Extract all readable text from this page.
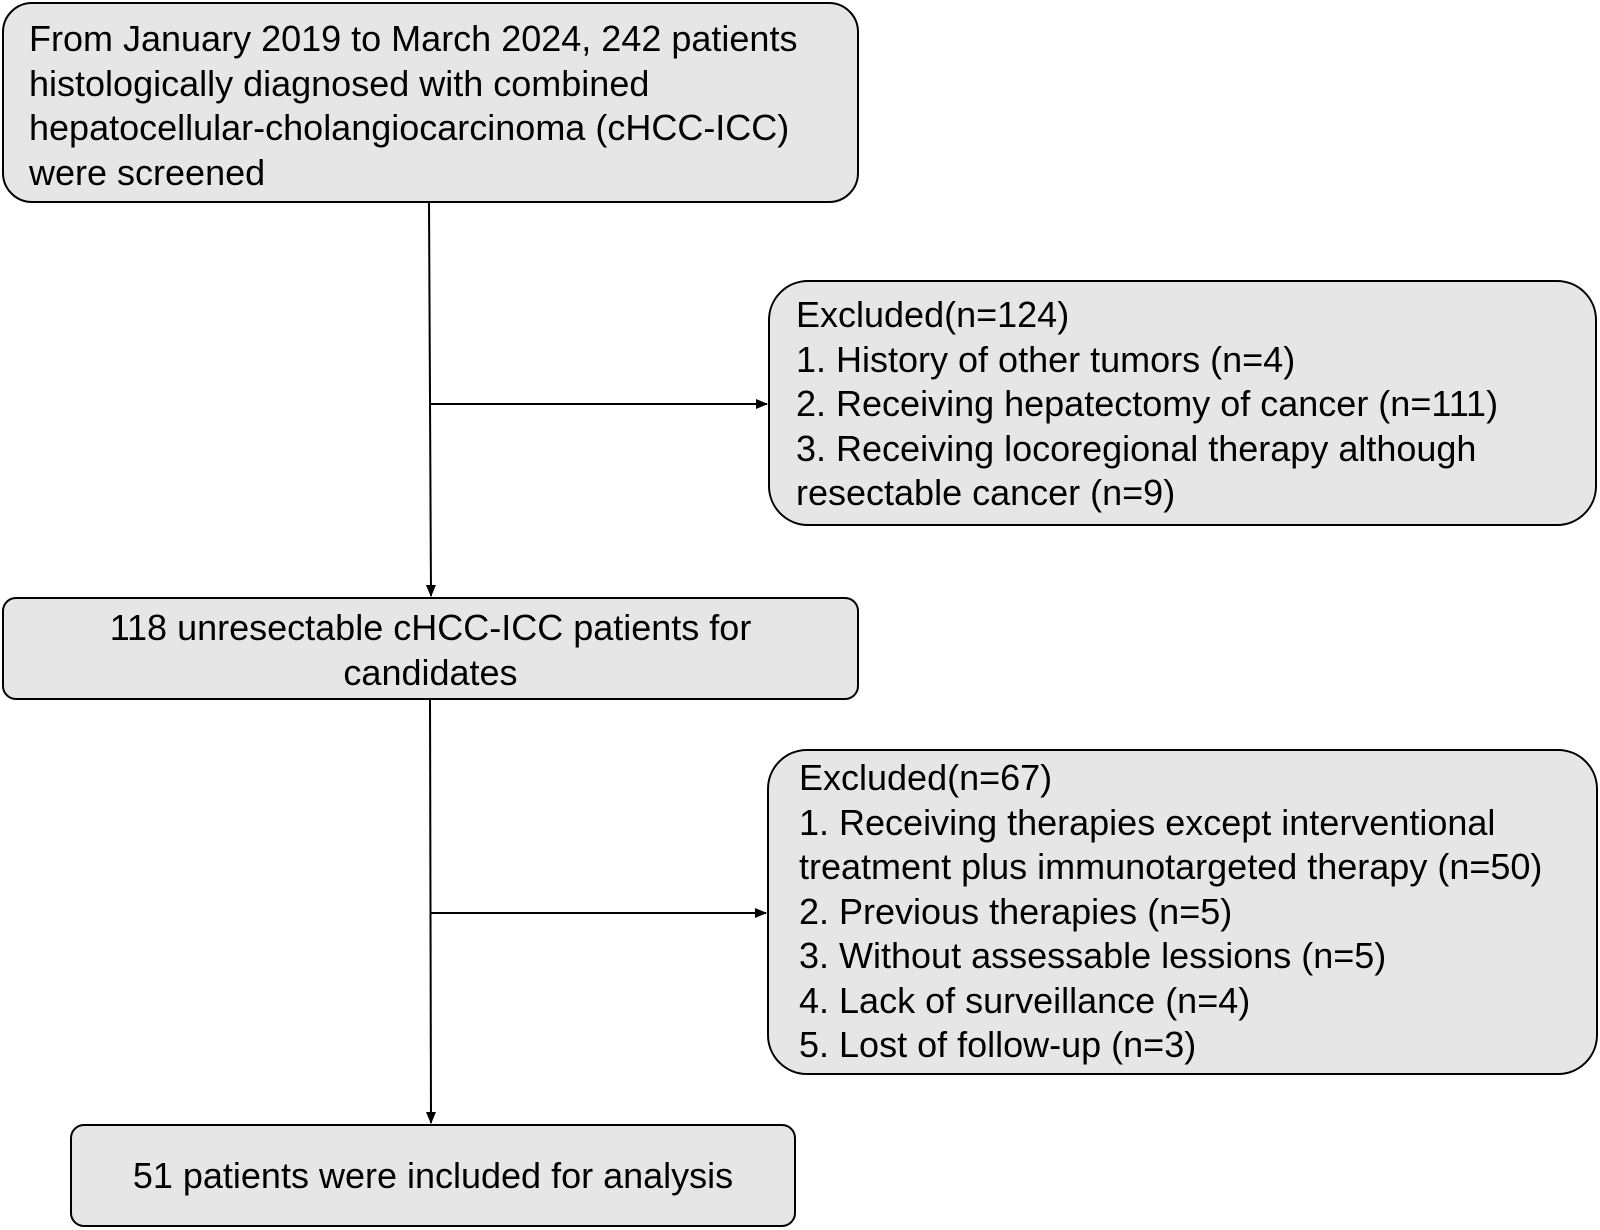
From January 2019 to March 2024, 242 patients
histologically diagnosed with combined
hepatocellular-cholangiocarcinoma (cHCC-ICC)
were screened
Excluded(n=124)
1. History of other tumors (n=4)
2. Receiving hepatectomy of cancer (n=111)
3. Receiving locoregional therapy although
resectable cancer (n=9)
118 unresectable cHCC-ICC patients for
candidates
Excluded(n=67)
1. Receiving therapies except interventional
treatment plus immunotargeted therapy (n=50)
2. Previous therapies (n=5)
3. Without assessable lessions (n=5)
4. Lack of surveillance (n=4)
5. Lost of follow-up (n=3)
51 patients were included for analysis
